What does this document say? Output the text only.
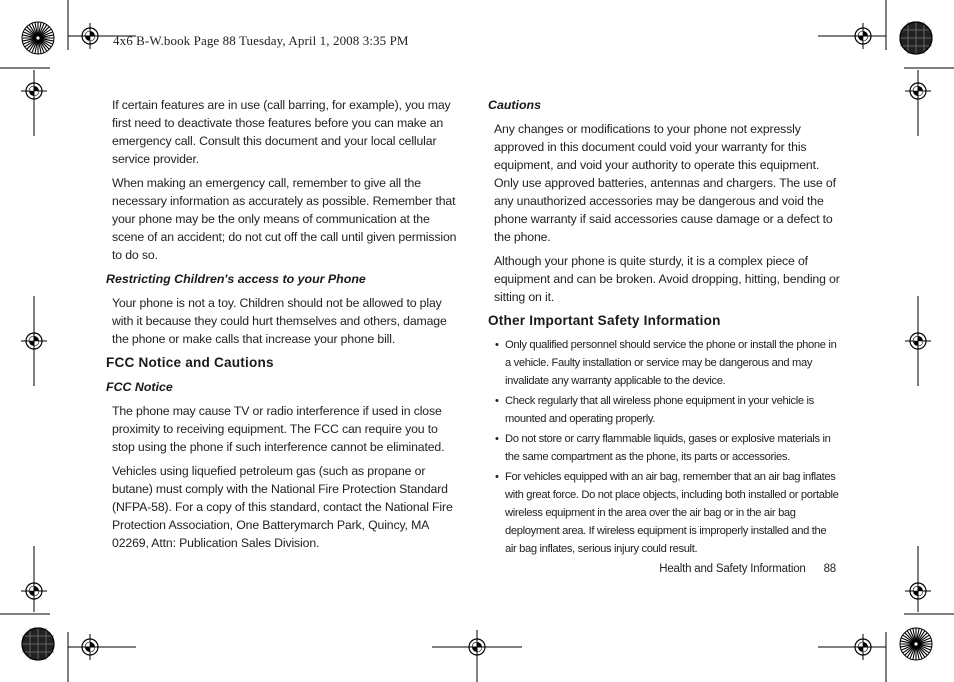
4x6 B-W.book Page 88 Tuesday, April 1, 2008 3:35 PM

If certain features are in use (call barring, for example), you may first need to deactivate those features before you can make an emergency call. Consult this document and your local cellular service provider.

When making an emergency call, remember to give all the necessary information as accurately as possible. Remember that your phone may be the only means of communication at the scene of an accident; do not cut off the call until given permission to do so.

Restricting Children's access to your Phone

Your phone is not a toy. Children should not be allowed to play with it because they could hurt themselves and others, damage the phone or make calls that increase your phone bill.

FCC Notice and Cautions
FCC Notice

The phone may cause TV or radio interference if used in close proximity to receiving equipment. The FCC can require you to stop using the phone if such interference cannot be eliminated.

Vehicles using liquefied petroleum gas (such as propane or butane) must comply with the National Fire Protection Standard (NFPA-58). For a copy of this standard, contact the National Fire Protection Association, One Batterymarch Park, Quincy, MA 02269, Attn: Publication Sales Division.

Cautions

Any changes or modifications to your phone not expressly approved in this document could void your warranty for this equipment, and void your authority to operate this equipment. Only use approved batteries, antennas and chargers. The use of any unauthorized accessories may be dangerous and void the phone warranty if said accessories cause damage or a defect to the phone.

Although your phone is quite sturdy, it is a complex piece of equipment and can be broken. Avoid dropping, hitting, bending or sitting on it.

Other Important Safety Information
• Only qualified personnel should service the phone or install the phone in a vehicle. Faulty installation or service may be dangerous and may invalidate any warranty applicable to the device.
• Check regularly that all wireless phone equipment in your vehicle is mounted and operating properly.
• Do not store or carry flammable liquids, gases or explosive materials in the same compartment as the phone, its parts or accessories.
• For vehicles equipped with an air bag, remember that an air bag inflates with great force. Do not place objects, including both installed or portable wireless equipment in the area over the air bag or in the air bag deployment area. If wireless equipment is improperly installed and the air bag inflates, serious injury could result.
Health and Safety Information 88
